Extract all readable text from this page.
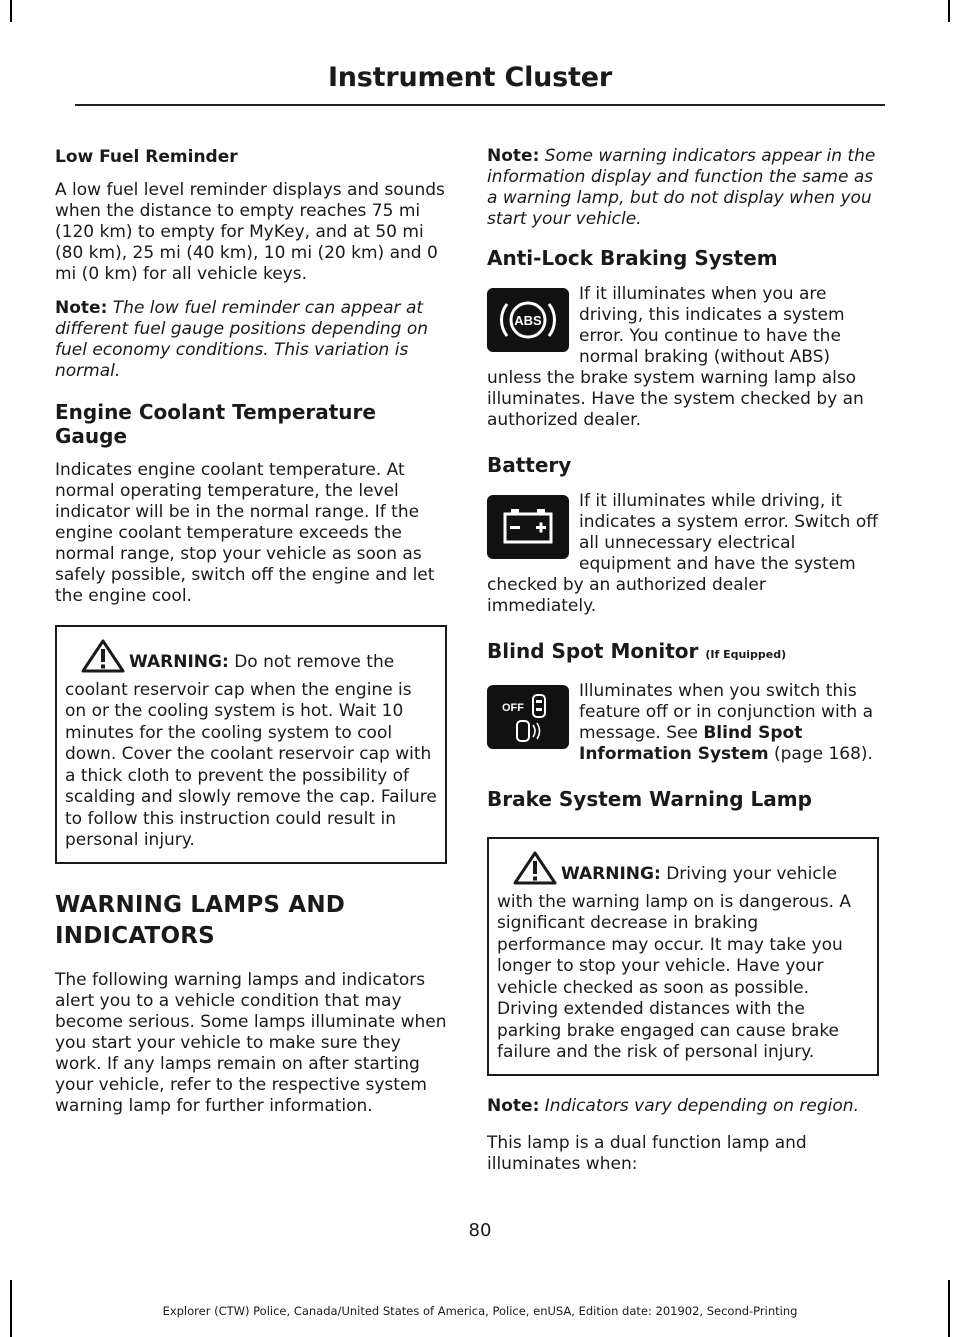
Instrument Cluster
Low Fuel Reminder
A low fuel level reminder displays and sounds when the distance to empty reaches 75 mi (120 km) to empty for MyKey, and at 50 mi (80 km), 25 mi (40 km), 10 mi (20 km) and 0 mi (0 km) for all vehicle keys.
Note: The low fuel reminder can appear at different fuel gauge positions depending on fuel economy conditions. This variation is normal.
Engine Coolant Temperature Gauge
Indicates engine coolant temperature. At normal operating temperature, the level indicator will be in the normal range. If the engine coolant temperature exceeds the normal range, stop your vehicle as soon as safely possible, switch off the engine and let the engine cool.
WARNING: Do not remove the coolant reservoir cap when the engine is on or the cooling system is hot. Wait 10 minutes for the cooling system to cool down. Cover the coolant reservoir cap with a thick cloth to prevent the possibility of scalding and slowly remove the cap. Failure to follow this instruction could result in personal injury.
WARNING LAMPS AND
INDICATORS
The following warning lamps and indicators alert you to a vehicle condition that may become serious. Some lamps illuminate when you start your vehicle to make sure they work. If any lamps remain on after starting your vehicle, refer to the respective system warning lamp for further information.
Note: Some warning indicators appear in the information display and function the same as a warning lamp, but do not display when you start your vehicle.
Anti-Lock Braking System
ABS
If it illuminates when you are driving, this indicates a system error. You continue to have the normal braking (without ABS) unless the brake system warning lamp also illuminates. Have the system checked by an authorized dealer.
Battery
If it illuminates while driving, it indicates a system error. Switch off all unnecessary electrical equipment and have the system checked by an authorized dealer immediately.
Blind Spot Monitor (If Equipped)
OFF
Illuminates when you switch this feature off or in conjunction with a message. See Blind Spot Information System (page 168).
Brake System Warning Lamp
WARNING: Driving your vehicle with the warning lamp on is dangerous. A significant decrease in braking performance may occur. It may take you longer to stop your vehicle. Have your vehicle checked as soon as possible. Driving extended distances with the parking brake engaged can cause brake failure and the risk of personal injury.
Note: Indicators vary depending on region.
This lamp is a dual function lamp and illuminates when:
80
Explorer (CTW) Police, Canada/United States of America, Police, enUSA, Edition date: 201902, Second-Printing
